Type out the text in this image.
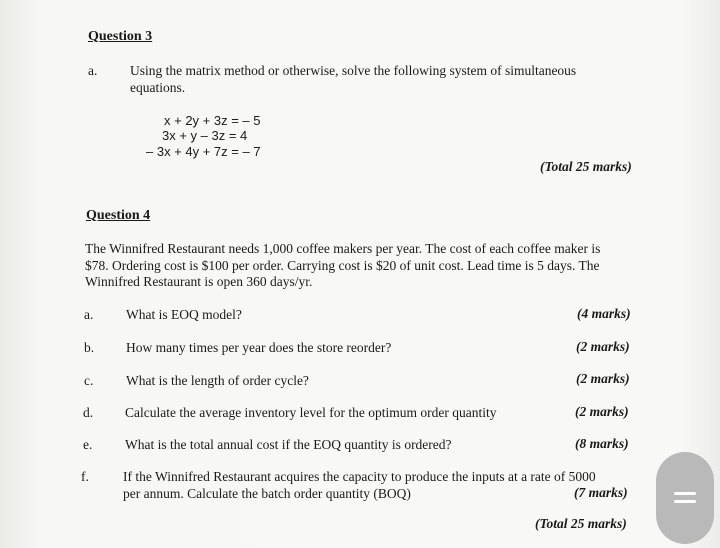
Question 3
a. Using the matrix method or otherwise, solve the following system of simultaneous
equations.
x + 2y + 3z = – 5
3x + y – 3z = 4
– 3x + 4y + 7z = – 7
(Total 25 marks)
Question 4
The Winnifred Restaurant needs 1,000 coffee makers per year. The cost of each coffee maker is
$78. Ordering cost is $100 per order. Carrying cost is $20 of unit cost. Lead time is 5 days. The
Winnifred Restaurant is open 360 days/yr.
a. What is EOQ model?	(4 marks)
b. How many times per year does the store reorder?	(2 marks)
c. What is the length of order cycle?	(2 marks)
d. Calculate the average inventory level for the optimum order quantity	(2 marks)
e. What is the total annual cost if the EOQ quantity is ordered?	(8 marks)
f.	If the Winnifred Restaurant acquires the capacity to produce the inputs at a rate of 5000
per annum. Calculate the batch order quantity (BOQ)	(7 marks)
(Total 25 marks)
